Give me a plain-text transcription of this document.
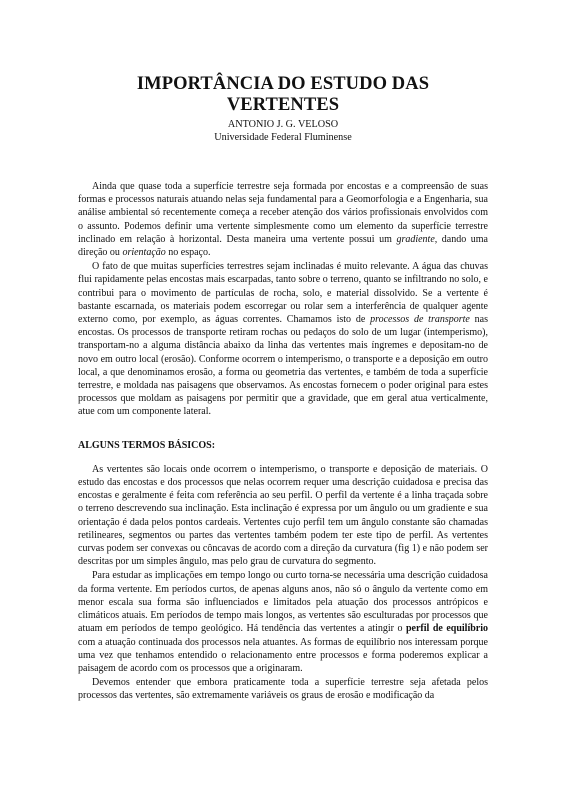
IMPORTÂNCIA DO ESTUDO DAS
VERTENTES
ANTONIO J. G. VELOSO
Universidade Federal Fluminense

Ainda que quase toda a superfície terrestre seja formada por encostas e a compreensão de suas formas e processos naturais atuando nelas seja fundamental para a Geomorfologia e a Engenharia, sua análise ambiental só recentemente começa a receber atenção dos vários profissionais envolvidos com o assunto. Podemos definir uma vertente simplesmente como um elemento da superfície terrestre inclinado em relação à horizontal. Desta maneira uma vertente possui um gradiente, dando uma direção ou orientação no espaço.

O fato de que muitas superfícies terrestres sejam inclinadas é muito relevante. A água das chuvas flui rapidamente pelas encostas mais escarpadas, tanto sobre o terreno, quanto se infiltrando no solo, e contribui para o movimento de partículas de rocha, solo, e material dissolvido. Se a vertente é bastante escarnada, os materiais podem escorregar ou rolar sem a interferência de qualquer agente externo como, por exemplo, as águas correntes. Chamamos isto de processos de transporte nas encostas. Os processos de transporte retiram rochas ou pedaços do solo de um lugar (intemperismo), transportam-no a alguma distância abaixo da linha das vertentes mais íngremes e depositam-no de novo em outro local (erosão). Conforme ocorrem o intemperismo, o transporte e a deposição em outro local, a que denominamos erosão, a forma ou geometria das vertentes, e também de toda a superfície terrestre, e moldada nas paisagens que observamos. As encostas fornecem o poder original para estes processos que moldam as paisagens por permitir que a gravidade, que em geral atua verticalmente, atue com um componente lateral.

ALGUNS TERMOS BÁSICOS:

As vertentes são locais onde ocorrem o intemperismo, o transporte e deposição de materiais. O estudo das encostas e dos processos que nelas ocorrem requer uma descrição cuidadosa e precisa das encostas e geralmente é feita com referência ao seu perfil. O perfil da vertente é a linha traçada sobre o terreno descrevendo sua inclinação. Esta inclinação é expressa por um ângulo ou um gradiente e sua orientação é dada pelos pontos cardeais. Vertentes cujo perfil tem um ângulo constante são chamadas retilineares, segmentos ou partes das vertentes também podem ter este tipo de perfil. As vertentes curvas podem ser convexas ou côncavas de acordo com a direção da curvatura (fig 1) e não podem ser descritas por um simples ângulo, mas pelo grau de curvatura do segmento.

Para estudar as implicações em tempo longo ou curto torna-se necessária uma descrição cuidadosa da forma vertente. Em períodos curtos, de apenas alguns anos, não só o ângulo da vertente como em menor escala sua forma são influenciados e limitados pela atuação dos processos antrópicos e climáticos atuais. Em períodos de tempo mais longos, as vertentes são esculturadas por processos que atuam em períodos de tempo geológico. Há tendência das vertentes a atingir o perfil de equilíbrio com a atuação continuada dos processos nela atuantes. As formas de equilíbrio nos interessam porque uma vez que tenhamos entendido o relacionamento entre processos e forma poderemos explicar a paisagem de acordo com os processos que a originaram.

Devemos entender que embora praticamente toda a superfície terrestre seja afetada pelos processos das vertentes, são extremamente variáveis os graus de erosão e modificação da
